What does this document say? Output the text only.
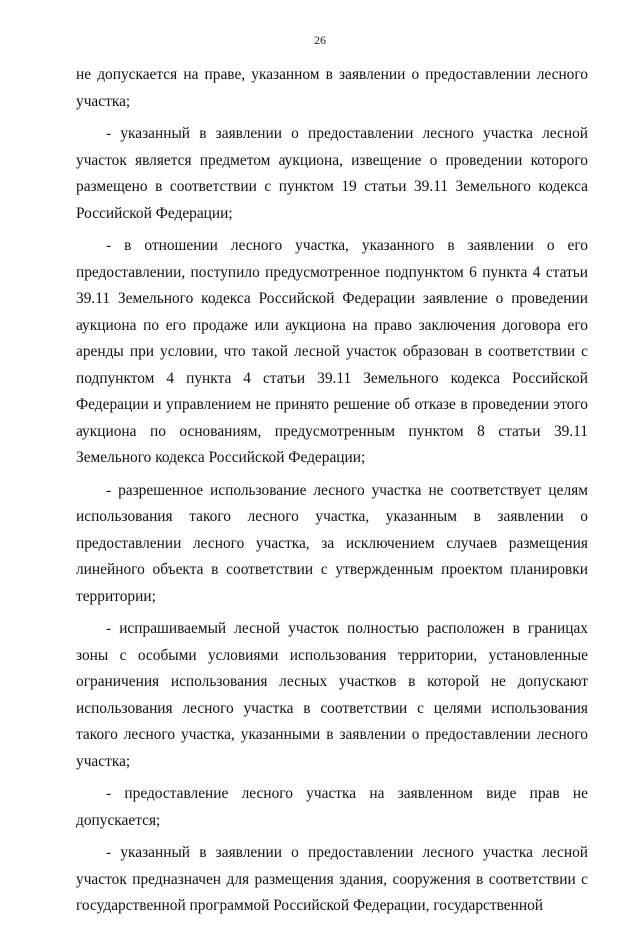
26

не допускается на праве, указанном в заявлении о предоставлении лесного участка;

- указанный в заявлении о предоставлении лесного участка лесной участок является предметом аукциона, извещение о проведении которого размещено в соответствии с пунктом 19 статьи 39.11 Земельного кодекса Российской Федерации;

- в отношении лесного участка, указанного в заявлении о его предоставлении, поступило предусмотренное подпунктом 6 пункта 4 статьи 39.11 Земельного кодекса Российской Федерации заявление о проведении аукциона по его продаже или аукциона на право заключения договора его аренды при условии, что такой лесной участок образован в соответствии с подпунктом 4 пункта 4 статьи 39.11 Земельного кодекса Российской Федерации и управлением не принято решение об отказе в проведении этого аукциона по основаниям, предусмотренным пунктом 8 статьи 39.11 Земельного кодекса Российской Федерации;

- разрешенное использование лесного участка не соответствует целям использования такого лесного участка, указанным в заявлении о предоставлении лесного участка, за исключением случаев размещения линейного объекта в соответствии с утвержденным проектом планировки территории;

- испрашиваемый лесной участок полностью расположен в границах зоны с особыми условиями использования территории, установленные ограничения использования лесных участков в которой не допускают использования лесного участка в соответствии с целями использования такого лесного участка, указанными в заявлении о предоставлении лесного участка;

- предоставление лесного участка на заявленном виде прав не допускается;

- указанный в заявлении о предоставлении лесного участка лесной участок предназначен для размещения здания, сооружения в соответствии с государственной программой Российской Федерации, государственной
